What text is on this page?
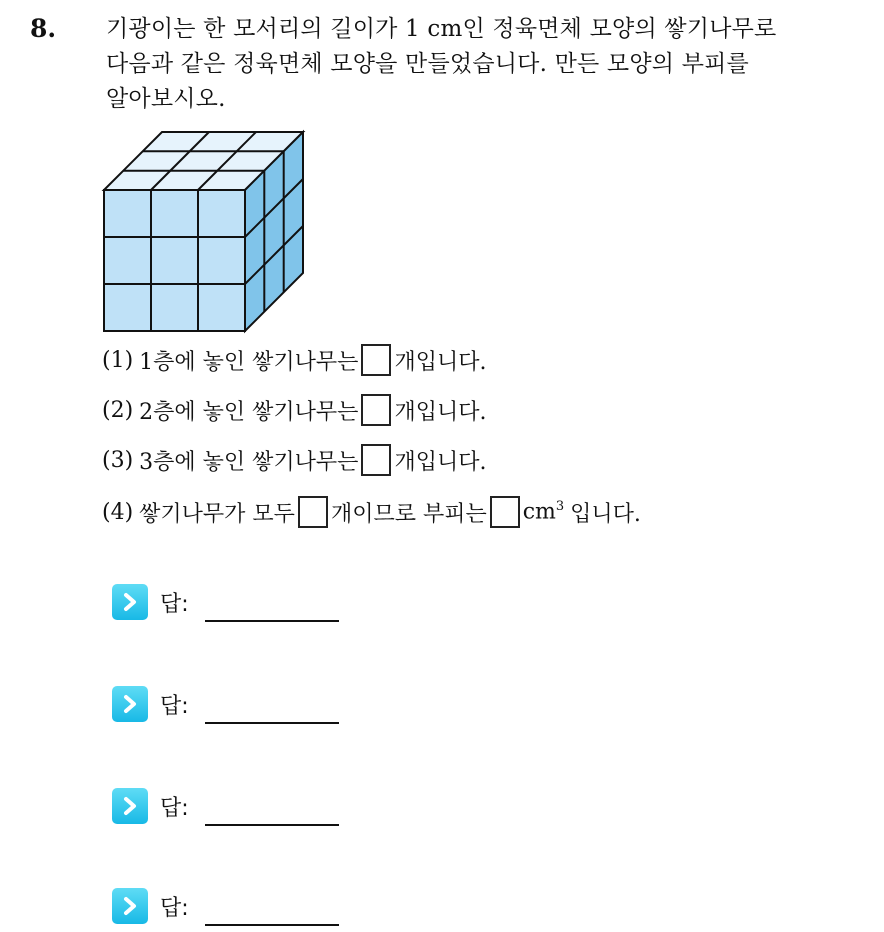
8. 기광이는 한 모서리의 길이가 1 cm인 정육면체 모양의 쌓기나무로
다음과 같은 정육면체 모양을 만들었습니다. 만든 모양의 부피를
알아보시오.
(1) 1층에 놓인 쌓기나무는 개입니다.
(2) 2층에 놓인 쌓기나무는 개입니다.
(3) 3층에 놓인 쌓기나무는 개입니다.
(4) 쌓기나무가 모두 개이므로 부피는 $cm^3$ 입니다.
답:
답:
답:
답:
